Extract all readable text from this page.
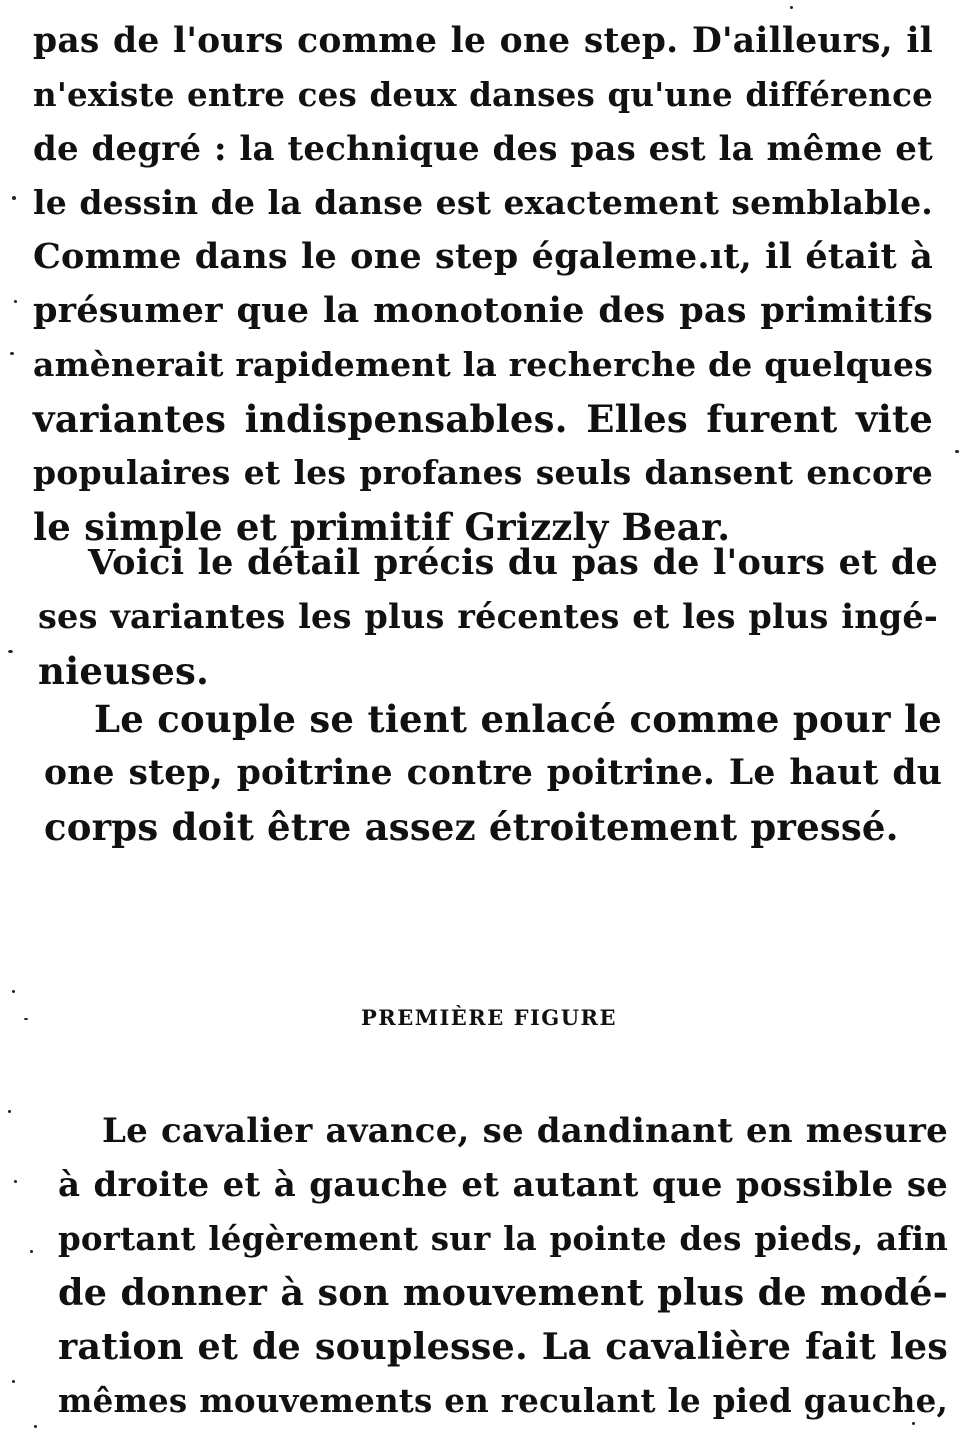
pas de l'ours comme le one step. D'ailleurs, il
n'existe entre ces deux danses qu'une différence
de degré : la technique des pas est la même et
le dessin de la danse est exactement semblable.
Comme dans le one step égaleme.ıt, il était à
présumer que la monotonie des pas primitifs
amènerait rapidement la recherche de quelques
variantes indispensables. Elles furent vite
populaires et les profanes seuls dansent encore
le simple et primitif Grizzly Bear.
Voici le détail précis du pas de l'ours et de
ses variantes les plus récentes et les plus ingé-
nieuses.
Le couple se tient enlacé comme pour le
one step, poitrine contre poitrine. Le haut du
corps doit être assez étroitement pressé.
PREMIÈRE FIGURE
Le cavalier avance, se dandinant en mesure
à droite et à gauche et autant que possible se
portant légèrement sur la pointe des pieds, afin
de donner à son mouvement plus de modé-
ration et de souplesse. La cavalière fait les
mêmes mouvements en reculant le pied gauche,
